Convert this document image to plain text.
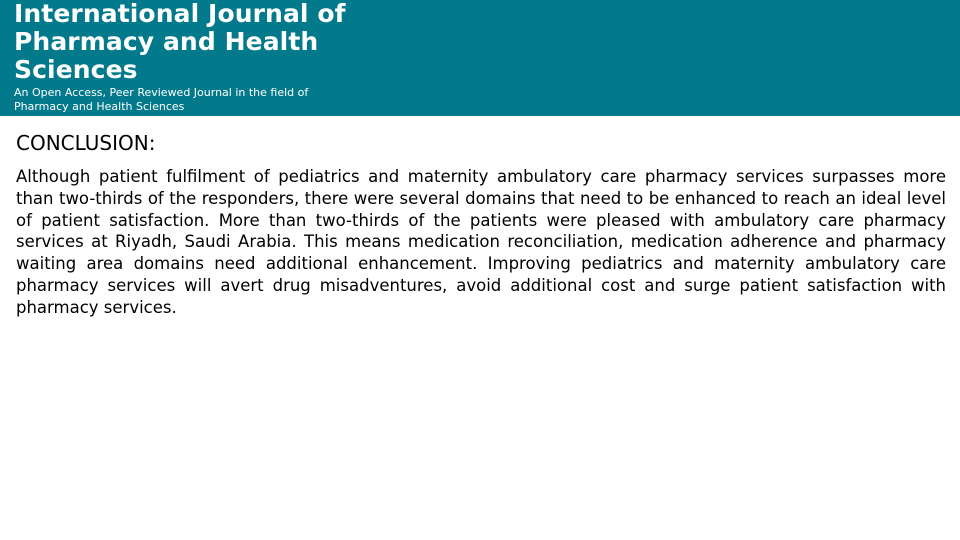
International Journal of Pharmacy and Health Sciences

An Open Access, Peer Reviewed Journal in the field of Pharmacy and Health Sciences

CONCLUSION:

Although patient fulfilment of pediatrics and maternity ambulatory care pharmacy services surpasses more than two-thirds of the responders, there were several domains that need to be enhanced to reach an ideal level of patient satisfaction. More than two-thirds of the patients were pleased with ambulatory care pharmacy services at Riyadh, Saudi Arabia. This means medication reconciliation, medication adherence and pharmacy waiting area domains need additional enhancement. Improving pediatrics and maternity ambulatory care pharmacy services will avert drug misadventures, avoid additional cost and surge patient satisfaction with pharmacy services.
